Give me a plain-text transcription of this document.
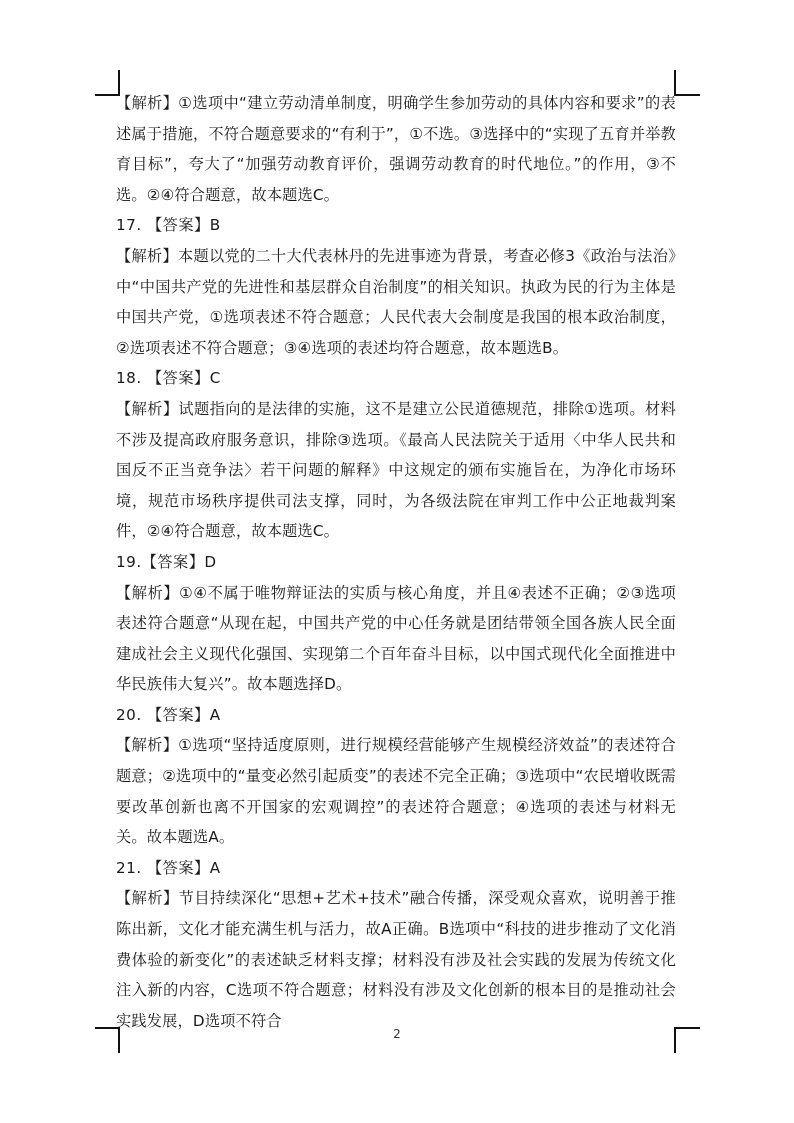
【解析】①选项中“建立劳动清单制度，明确学生参加劳动的具体内容和要求”的表述属于措施，不符合题意要求的“有利于”，①不选。③选择中的“实现了五育并举教育目标”，夸大了“加强劳动教育评价，强调劳动教育的时代地位。”的作用，③不选。②④符合题意，故本题选C。

17. 【答案】B

【解析】本题以党的二十大代表林丹的先进事迹为背景，考查必修3《政治与法治》中“中国共产党的先进性和基层群众自治制度”的相关知识。执政为民的行为主体是中国共产党，①选项表述不符合题意；人民代表大会制度是我国的根本政治制度，②选项表述不符合题意；③④选项的表述均符合题意，故本题选B。

18. 【答案】C

【解析】试题指向的是法律的实施，这不是建立公民道德规范，排除①选项。材料不涉及提高政府服务意识，排除③选项。《最高人民法院关于适用〈中华人民共和国反不正当竞争法〉若干问题的解释》中这规定的颁布实施旨在，为净化市场环境，规范市场秩序提供司法支撑，同时，为各级法院在审判工作中公正地裁判案件，②④符合题意，故本题选C。

19.【答案】D

【解析】①④不属于唯物辩证法的实质与核心角度，并且④表述不正确；②③选项表述符合题意“从现在起，中国共产党的中心任务就是团结带领全国各族人民全面建成社会主义现代化强国、实现第二个百年奋斗目标，以中国式现代化全面推进中华民族伟大复兴”。故本题选择D。

20. 【答案】A

【解析】①选项“坚持适度原则，进行规模经营能够产生规模经济效益”的表述符合题意；②选项中的“量变必然引起质变”的表述不完全正确；③选项中“农民增收既需要改革创新也离不开国家的宏观调控”的表述符合题意；④选项的表述与材料无关。故本题选A。

21. 【答案】A

【解析】节目持续深化“思想+艺术+技术”融合传播，深受观众喜欢，说明善于推陈出新，文化才能充满生机与活力，故A正确。B选项中“科技的进步推动了文化消费体验的新变化”的表述缺乏材料支撑；材料没有涉及社会实践的发展为传统文化注入新的内容，C选项不符合题意；材料没有涉及文化创新的根本目的是推动社会实践发展，D选项不符合

2
